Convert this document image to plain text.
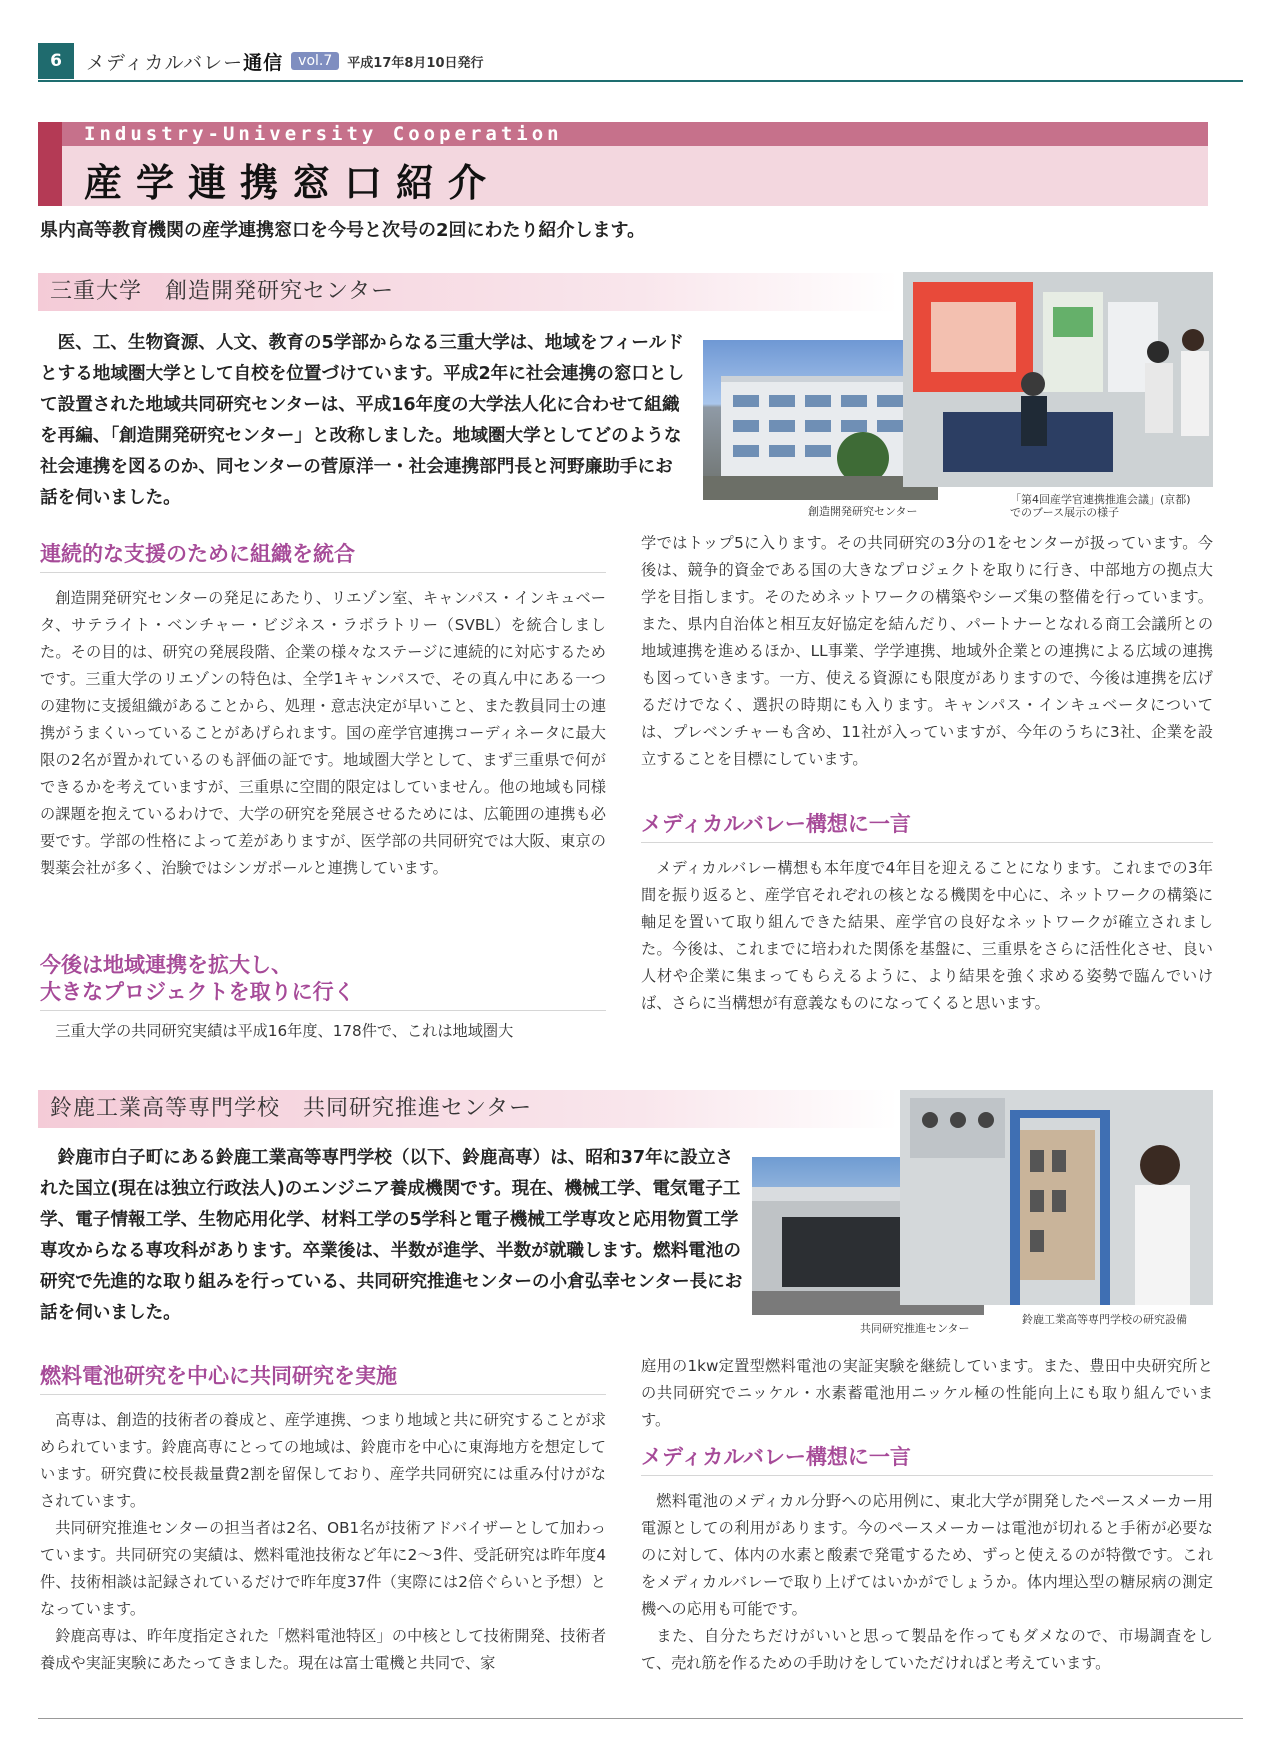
6	メディカルバレー通信	vol.7	平成17年8月10日発行
Industry-University Cooperation
産学連携窓口紹介
県内高等教育機関の産学連携窓口を今号と次号の2回にわたり紹介します。
三重大学　創造開発研究センター
医、工、生物資源、人文、教育の5学部からなる三重大学は、地域をフィールドとする地域圏大学として自校を位置づけています。平成2年に社会連携の窓口として設置された地域共同研究センターは、平成16年度の大学法人化に合わせて組織を再編、「創造開発研究センター」と改称しました。地域圏大学としてどのような社会連携を図るのか、同センターの菅原洋一・社会連携部門長と河野廉助手にお話を伺いました。
創造開発研究センター
「第4回産学官連携推進会議」(京都)
でのブース展示の様子
連続的な支援のために組織を統合

創造開発研究センターの発足にあたり、リエゾン室、キャンパス・インキュベータ、サテライト・ベンチャー・ビジネス・ラボラトリー（SVBL）を統合しました。その目的は、研究の発展段階、企業の様々なステージに連続的に対応するためです。三重大学のリエゾンの特色は、全学1キャンパスで、その真ん中にある一つの建物に支援組織があることから、処理・意志決定が早いこと、また教員同士の連携がうまくいっていることがあげられます。国の産学官連携コーディネータに最大限の2名が置かれているのも評価の証です。地域圏大学として、まず三重県で何ができるかを考えていますが、三重県に空間的限定はしていません。他の地域も同様の課題を抱えているわけで、大学の研究を発展させるためには、広範囲の連携も必要です。学部の性格によって差がありますが、医学部の共同研究では大阪、東京の製薬会社が多く、治験ではシンガポールと連携しています。

今後は地域連携を拡大し、
大きなプロジェクトを取りに行く

三重大学の共同研究実績は平成16年度、178件で、これは地域圏大

学ではトップ5に入ります。その共同研究の3分の1をセンターが扱っています。今後は、競争的資金である国の大きなプロジェクトを取りに行き、中部地方の拠点大学を目指します。そのためネットワークの構築やシーズ集の整備を行っています。また、県内自治体と相互友好協定を結んだり、パートナーとなれる商工会議所との地域連携を進めるほか、LL事業、学学連携、地域外企業との連携による広域の連携も図っていきます。一方、使える資源にも限度がありますので、今後は連携を広げるだけでなく、選択の時期にも入ります。キャンパス・インキュベータについては、プレベンチャーも含め、11社が入っていますが、今年のうちに3社、企業を設立することを目標にしています。

メディカルバレー構想に一言

メディカルバレー構想も本年度で4年目を迎えることになります。これまでの3年間を振り返ると、産学官それぞれの核となる機関を中心に、ネットワークの構築に軸足を置いて取り組んできた結果、産学官の良好なネットワークが確立されました。今後は、これまでに培われた関係を基盤に、三重県をさらに活性化させ、良い人材や企業に集まってもらえるように、より結果を強く求める姿勢で臨んでいけば、さらに当構想が有意義なものになってくると思います。

鈴鹿工業高等専門学校　共同研究推進センター
鈴鹿市白子町にある鈴鹿工業高等専門学校（以下、鈴鹿高専）は、昭和37年に設立された国立(現在は独立行政法人)のエンジニア養成機関です。現在、機械工学、電気電子工学、電子情報工学、生物応用化学、材料工学の5学科と電子機械工学専攻と応用物質工学専攻からなる専攻科があります。卒業後は、半数が進学、半数が就職します。燃料電池の研究で先進的な取り組みを行っている、共同研究推進センターの小倉弘幸センター長にお話を伺いました。
共同研究推進センター
鈴鹿工業高等専門学校の研究設備
燃料電池研究を中心に共同研究を実施

高専は、創造的技術者の養成と、産学連携、つまり地域と共に研究することが求められています。鈴鹿高専にとっての地域は、鈴鹿市を中心に東海地方を想定しています。研究費に校長裁量費2割を留保しており、産学共同研究には重み付けがなされています。

共同研究推進センターの担当者は2名、OB1名が技術アドバイザーとして加わっています。共同研究の実績は、燃料電池技術など年に2～3件、受託研究は昨年度4件、技術相談は記録されているだけで昨年度37件（実際には2倍ぐらいと予想）となっています。

鈴鹿高専は、昨年度指定された「燃料電池特区」の中核として技術開発、技術者養成や実証実験にあたってきました。現在は富士電機と共同で、家

庭用の1kw定置型燃料電池の実証実験を継続しています。また、豊田中央研究所との共同研究でニッケル・水素蓄電池用ニッケル極の性能向上にも取り組んでいます。

メディカルバレー構想に一言

燃料電池のメディカル分野への応用例に、東北大学が開発したペースメーカー用電源としての利用があります。今のペースメーカーは電池が切れると手術が必要なのに対して、体内の水素と酸素で発電するため、ずっと使えるのが特徴です。これをメディカルバレーで取り上げてはいかがでしょうか。体内埋込型の糖尿病の測定機への応用も可能です。

また、自分たちだけがいいと思って製品を作ってもダメなので、市場調査をして、売れ筋を作るための手助けをしていただければと考えています。
